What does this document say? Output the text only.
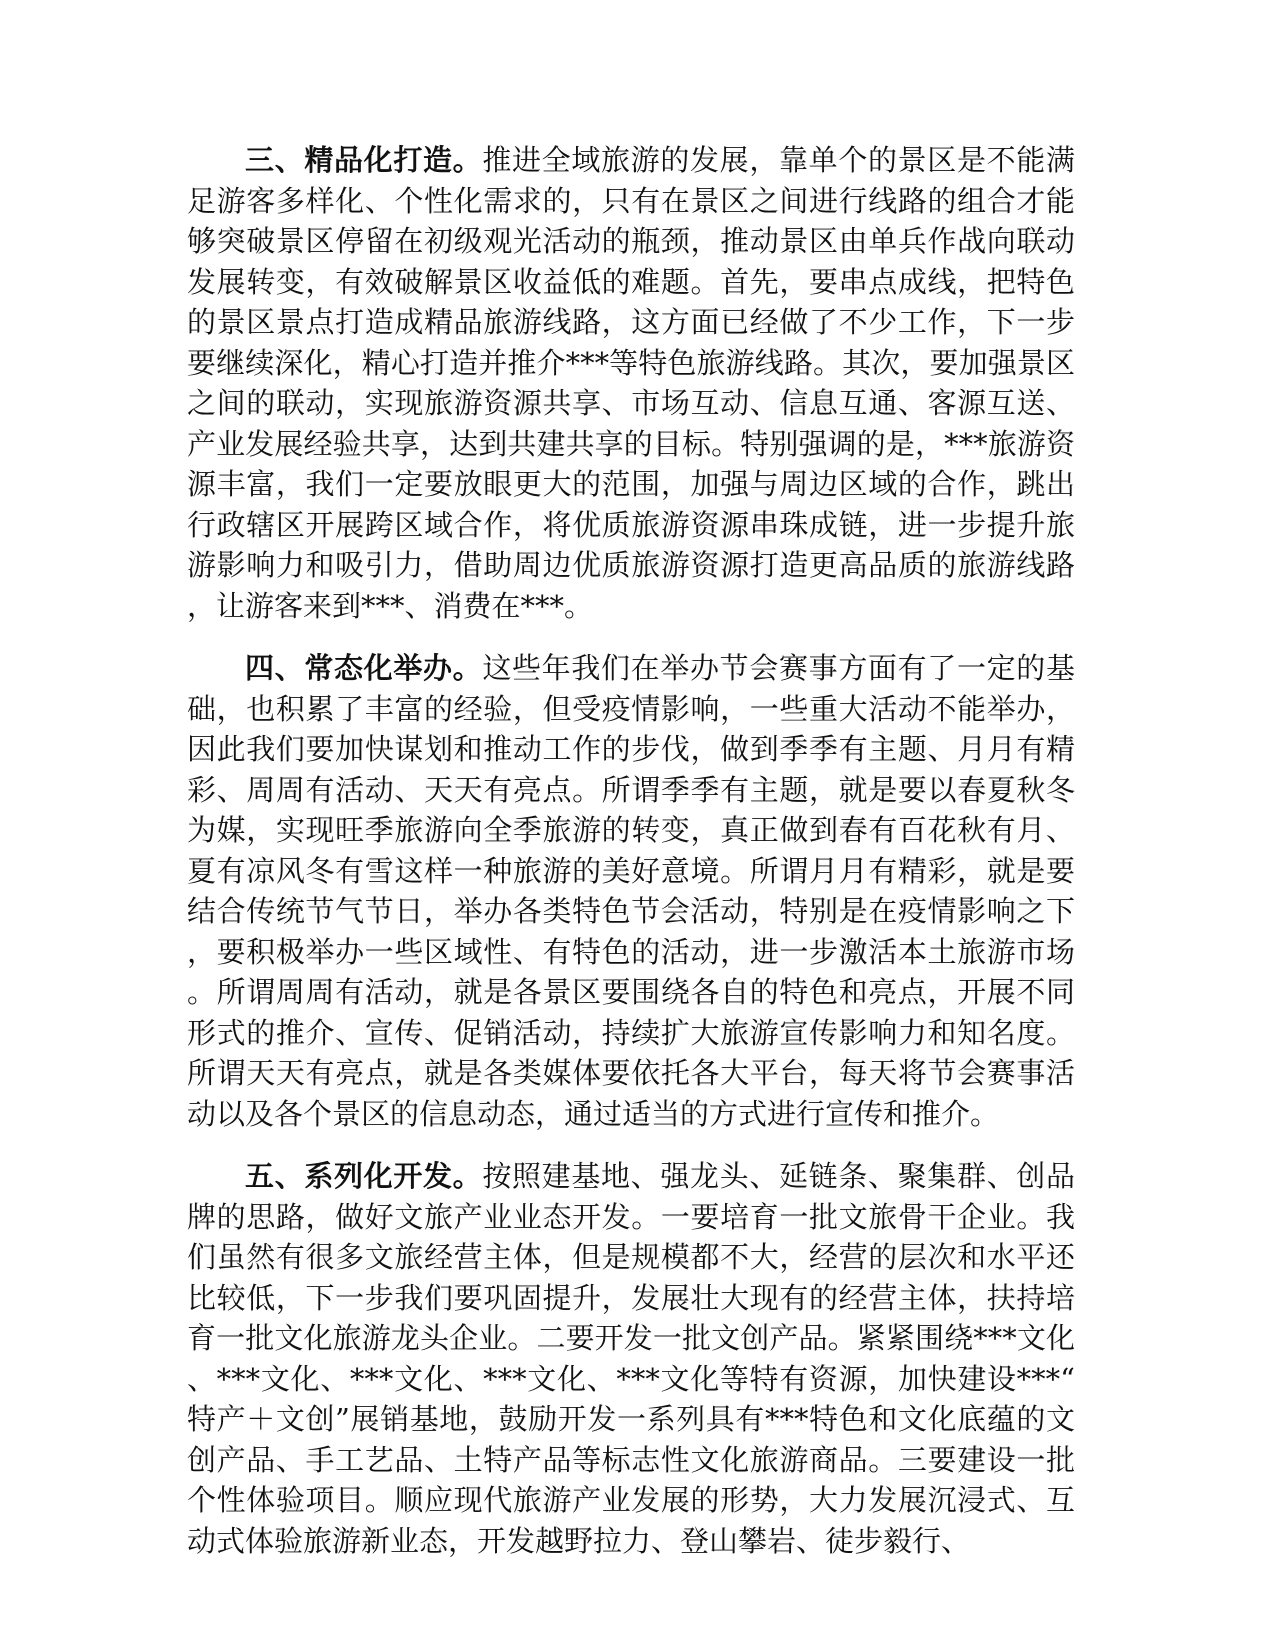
三、精品化打造。推进全域旅游的发展，靠单个的景区是不能满足游客多样化、个性化需求的，只有在景区之间进行线路的组合才能够突破景区停留在初级观光活动的瓶颈，推动景区由单兵作战向联动发展转变，有效破解景区收益低的难题。首先，要串点成线，把特色的景区景点打造成精品旅游线路，这方面已经做了不少工作，下一步要继续深化，精心打造并推介***等特色旅游线路。其次，要加强景区之间的联动，实现旅游资源共享、市场互动、信息互通、客源互送、产业发展经验共享，达到共建共享的目标。特别强调的是，***旅游资源丰富，我们一定要放眼更大的范围，加强与周边区域的合作，跳出行政辖区开展跨区域合作，将优质旅游资源串珠成链，进一步提升旅游影响力和吸引力，借助周边优质旅游资源打造更高品质的旅游线路，让游客来到***、消费在***。

四、常态化举办。这些年我们在举办节会赛事方面有了一定的基础，也积累了丰富的经验，但受疫情影响，一些重大活动不能举办，因此我们要加快谋划和推动工作的步伐，做到季季有主题、月月有精彩、周周有活动、天天有亮点。所谓季季有主题，就是要以春夏秋冬为媒，实现旺季旅游向全季旅游的转变，真正做到春有百花秋有月、夏有凉风冬有雪这样一种旅游的美好意境。所谓月月有精彩，就是要结合传统节气节日，举办各类特色节会活动，特别是在疫情影响之下，要积极举办一些区域性、有特色的活动，进一步激活本土旅游市场。所谓周周有活动，就是各景区要围绕各自的特色和亮点，开展不同形式的推介、宣传、促销活动，持续扩大旅游宣传影响力和知名度。所谓天天有亮点，就是各类媒体要依托各大平台，每天将节会赛事活动以及各个景区的信息动态，通过适当的方式进行宣传和推介。

五、系列化开发。按照建基地、强龙头、延链条、聚集群、创品牌的思路，做好文旅产业业态开发。一要培育一批文旅骨干企业。我们虽然有很多文旅经营主体，但是规模都不大，经营的层次和水平还比较低，下一步我们要巩固提升，发展壮大现有的经营主体，扶持培育一批文化旅游龙头企业。二要开发一批文创产品。紧紧围绕***文化、***文化、***文化、***文化、***文化等特有资源，加快建设***“特产＋文创”展销基地，鼓励开发一系列具有***特色和文化底蕴的文创产品、手工艺品、土特产品等标志性文化旅游商品。三要建设一批个性体验项目。顺应现代旅游产业发展的形势，大力发展沉浸式、互动式体验旅游新业态，开发越野拉力、登山攀岩、徒步毅行、
